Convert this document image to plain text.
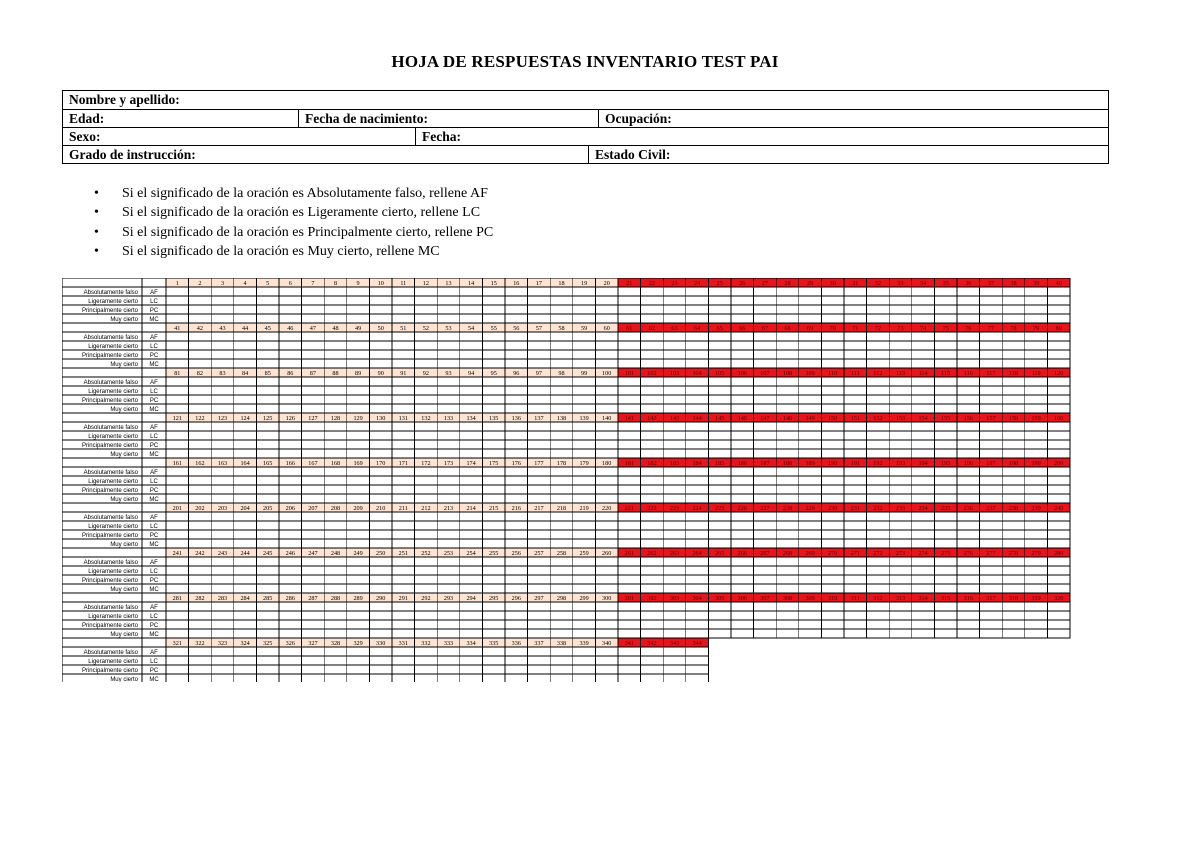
HOJA DE RESPUESTAS INVENTARIO TEST PAI
Nombre y apellido:
Edad:	Fecha de nacimiento:	Ocupación:
Sexo:	Fecha:
Grado de instrucción:	Estado Civil:
• Si el significado de la oración es Absolutamente falso, rellene AF
• Si el significado de la oración es Ligeramente cierto, rellene LC
• Si el significado de la oración es Principalmente cierto, rellene PC
• Si el significado de la oración es Muy cierto, rellene MC
1	2	3	4	5	6	7	8	9	10	11	12	13	14	15	16	17	18	19	20	21	22	23	24	25	26	27	28	29	30	31	32	33	34	35	36	37	38	39	40
Absolutamente falso AF
Ligeramente cierto LC
Principalmente cierto PC
Muy cierto MC
41	42	43	44	45	46	47	48	49	50	51	52	53	54	55	56	57	58	59	60	61	62	63	64	65	66	67	68	69	70	71	72	73	74	75	76	77	78	79	80
Absolutamente falso AF
Ligeramente cierto LC
Principalmente cierto PC
Muy cierto MC
81	82	83	84	85	86	87	88	89	90	91	92	93	94	95	96	97	98	99 100 101 102 103 104 105 106 107 108 109 110 111 112 113 114 115 116 117 118 119 120
Absolutamente falso AF
Ligeramente cierto LC
Principalmente cierto PC
Muy cierto MC
121 122 123 124 125 126 127 128 129 130 131 132 133 134 135 136 137 138 139 140 141 142 143 144 145 146 147 148 149 150 151 152 153 154 155 156 157 158 159 160
Absolutamente falso AF
Ligeramente cierto LC
Principalmente cierto PC
Muy cierto MC
161 162 163 164 165 166 167 168 169 170 171 172 173 174 175 176 177 178 179 180 181 182 183 184 185 186 187 188 189 190 191 192 193 194 195 196 197 198 199 200
Absolutamente falso AF
Ligeramente cierto LC
Principalmente cierto PC
Muy cierto MC
201 202 203 204 205 206 207 208 209 210 211 212 213 214 215 216 217 218 219 220 221 222 223 224 225 226 227 228 229 230 231 232 233 234 235 236 237 238 239 240
Absolutamente falso AF
Ligeramente cierto LC
Principalmente cierto PC
Muy cierto MC
241 242 243 244 245 246 247 248 249 250 251 252 253 254 255 256 257 258 259 260 261 262 263 264 265 266 267 268 269 270 271 272 273 274 275 276 277 278 279 280
Absolutamente falso AF
Ligeramente cierto LC
Principalmente cierto PC
Muy cierto MC
281 282 283 284 285 286 287 288 289 290 291 292 293 294 295 296 297 298 299 300 301 302 303 304 305 306 307 308 309 310 311 312 313 314 315 316 317 318 319 320
Absolutamente falso AF
Ligeramente cierto LC
Principalmente cierto PC
Muy cierto MC
321 322 323 324 325 326 327 328 329 330 331 332 333 334 335 336 337 338 339 340 341 342 343 344
Absolutamente falso AF
Ligeramente cierto LC
Principalmente cierto PC
Muy cierto MC
